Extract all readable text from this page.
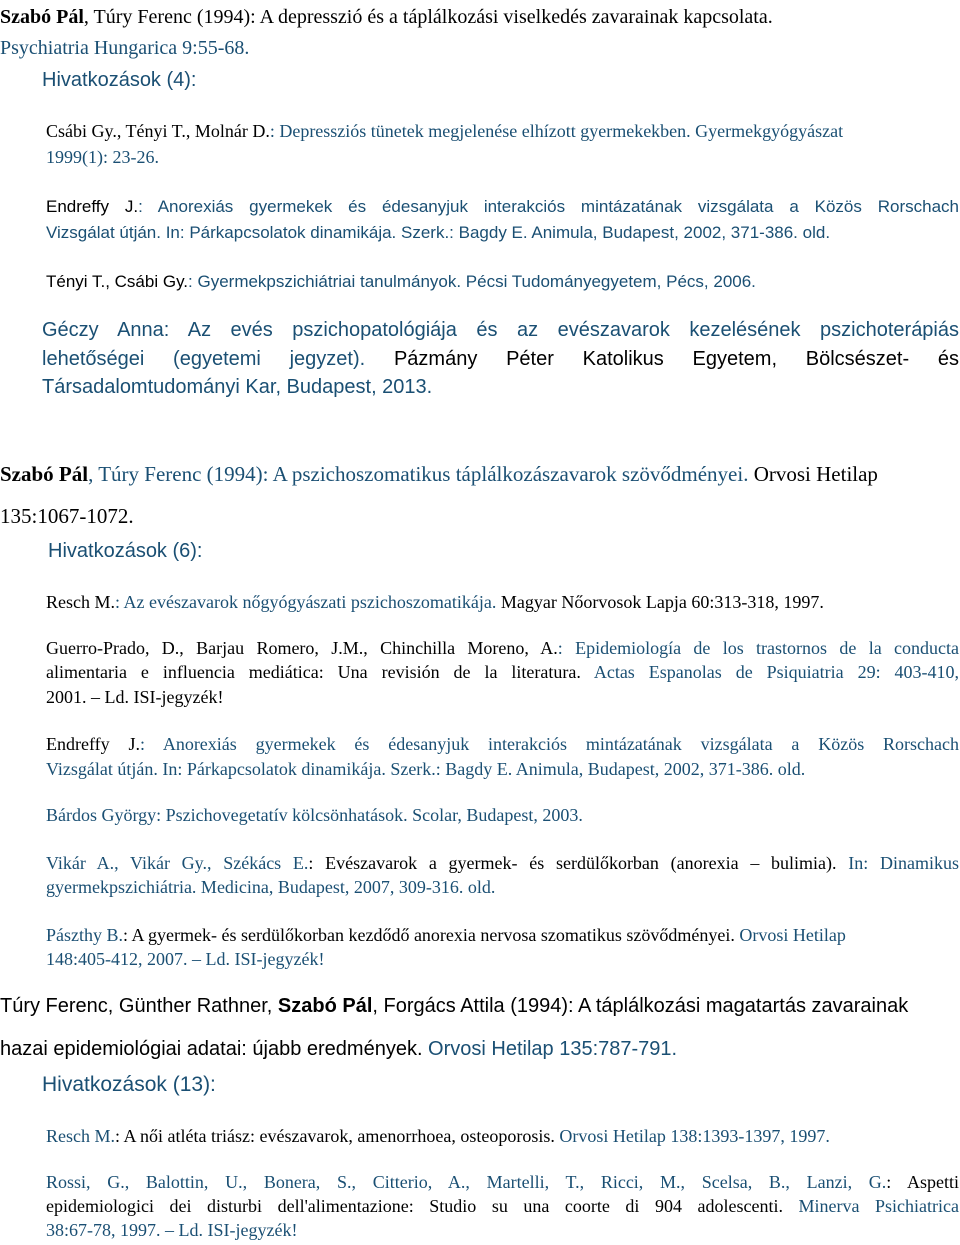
Szabó Pál, Túry Ferenc (1994): A depresszió és a táplálkozási viselkedés zavarainak kapcsolata.
Psychiatria Hungarica 9:55-68.
Hivatkozások (4):
Csábi Gy., Tényi T., Molnár D.: Depressziós tünetek megjelenése elhízott gyermekekben. Gyermekgyógyászat
1999(1): 23-26.
Endreffy J.: Anorexiás gyermekek és édesanyjuk interakciós mintázatának vizsgálata a Közös Rorschach
Vizsgálat útján. In: Párkapcsolatok dinamikája. Szerk.: Bagdy E. Animula, Budapest, 2002, 371-386. old.
Tényi T., Csábi Gy.: Gyermekpszichiátriai tanulmányok. Pécsi Tudományegyetem, Pécs, 2006.
Géczy Anna: Az evés pszichopatológiája és az evészavarok kezelésének pszichoterápiás
lehetőségei (egyetemi jegyzet). Pázmány Péter Katolikus Egyetem, Bölcsészet- és
Társadalomtudományi Kar, Budapest, 2013.
Szabó Pál, Túry Ferenc (1994): A pszichoszomatikus táplálkozászavarok szövődményei. Orvosi Hetilap
135:1067-1072.
Hivatkozások (6):
Resch M.: Az evészavarok nőgyógyászati pszichoszomatikája. Magyar Nőorvosok Lapja 60:313-318, 1997.
Guerro-Prado, D., Barjau Romero, J.M., Chinchilla Moreno, A.: Epidemiología de los trastornos de la conducta
alimentaria e influencia mediática: Una revisión de la literatura. Actas Espanolas de Psiquiatria 29: 403-410,
2001. – Ld. ISI-jegyzék!
Endreffy J.: Anorexiás gyermekek és édesanyjuk interakciós mintázatának vizsgálata a Közös Rorschach
Vizsgálat útján. In: Párkapcsolatok dinamikája. Szerk.: Bagdy E. Animula, Budapest, 2002, 371-386. old.
Bárdos György: Pszichovegetatív kölcsönhatások. Scolar, Budapest, 2003.
Vikár A., Vikár Gy., Székács E.: Evészavarok a gyermek- és serdülőkorban (anorexia – bulimia). In: Dinamikus
gyermekpszichiátria. Medicina, Budapest, 2007, 309-316. old.
Pászthy B.: A gyermek- és serdülőkorban kezdődő anorexia nervosa szomatikus szövődményei. Orvosi Hetilap
148:405-412, 2007. – Ld. ISI-jegyzék!
Túry Ferenc, Günther Rathner, Szabó Pál, Forgács Attila (1994): A táplálkozási magatartás zavarainak
hazai epidemiológiai adatai: újabb eredmények. Orvosi Hetilap 135:787-791.
Hivatkozások (13):
Resch M.: A női atléta triász: evészavarok, amenorrhoea, osteoporosis. Orvosi Hetilap 138:1393-1397, 1997.
Rossi, G., Balottin, U., Bonera, S., Citterio, A., Martelli, T., Ricci, M., Scelsa, B., Lanzi, G.: Aspetti
epidemiologici dei disturbi dell'alimentazione: Studio su una coorte di 904 adolescenti. Minerva Psichiatrica
38:67-78, 1997. – Ld. ISI-jegyzék!
